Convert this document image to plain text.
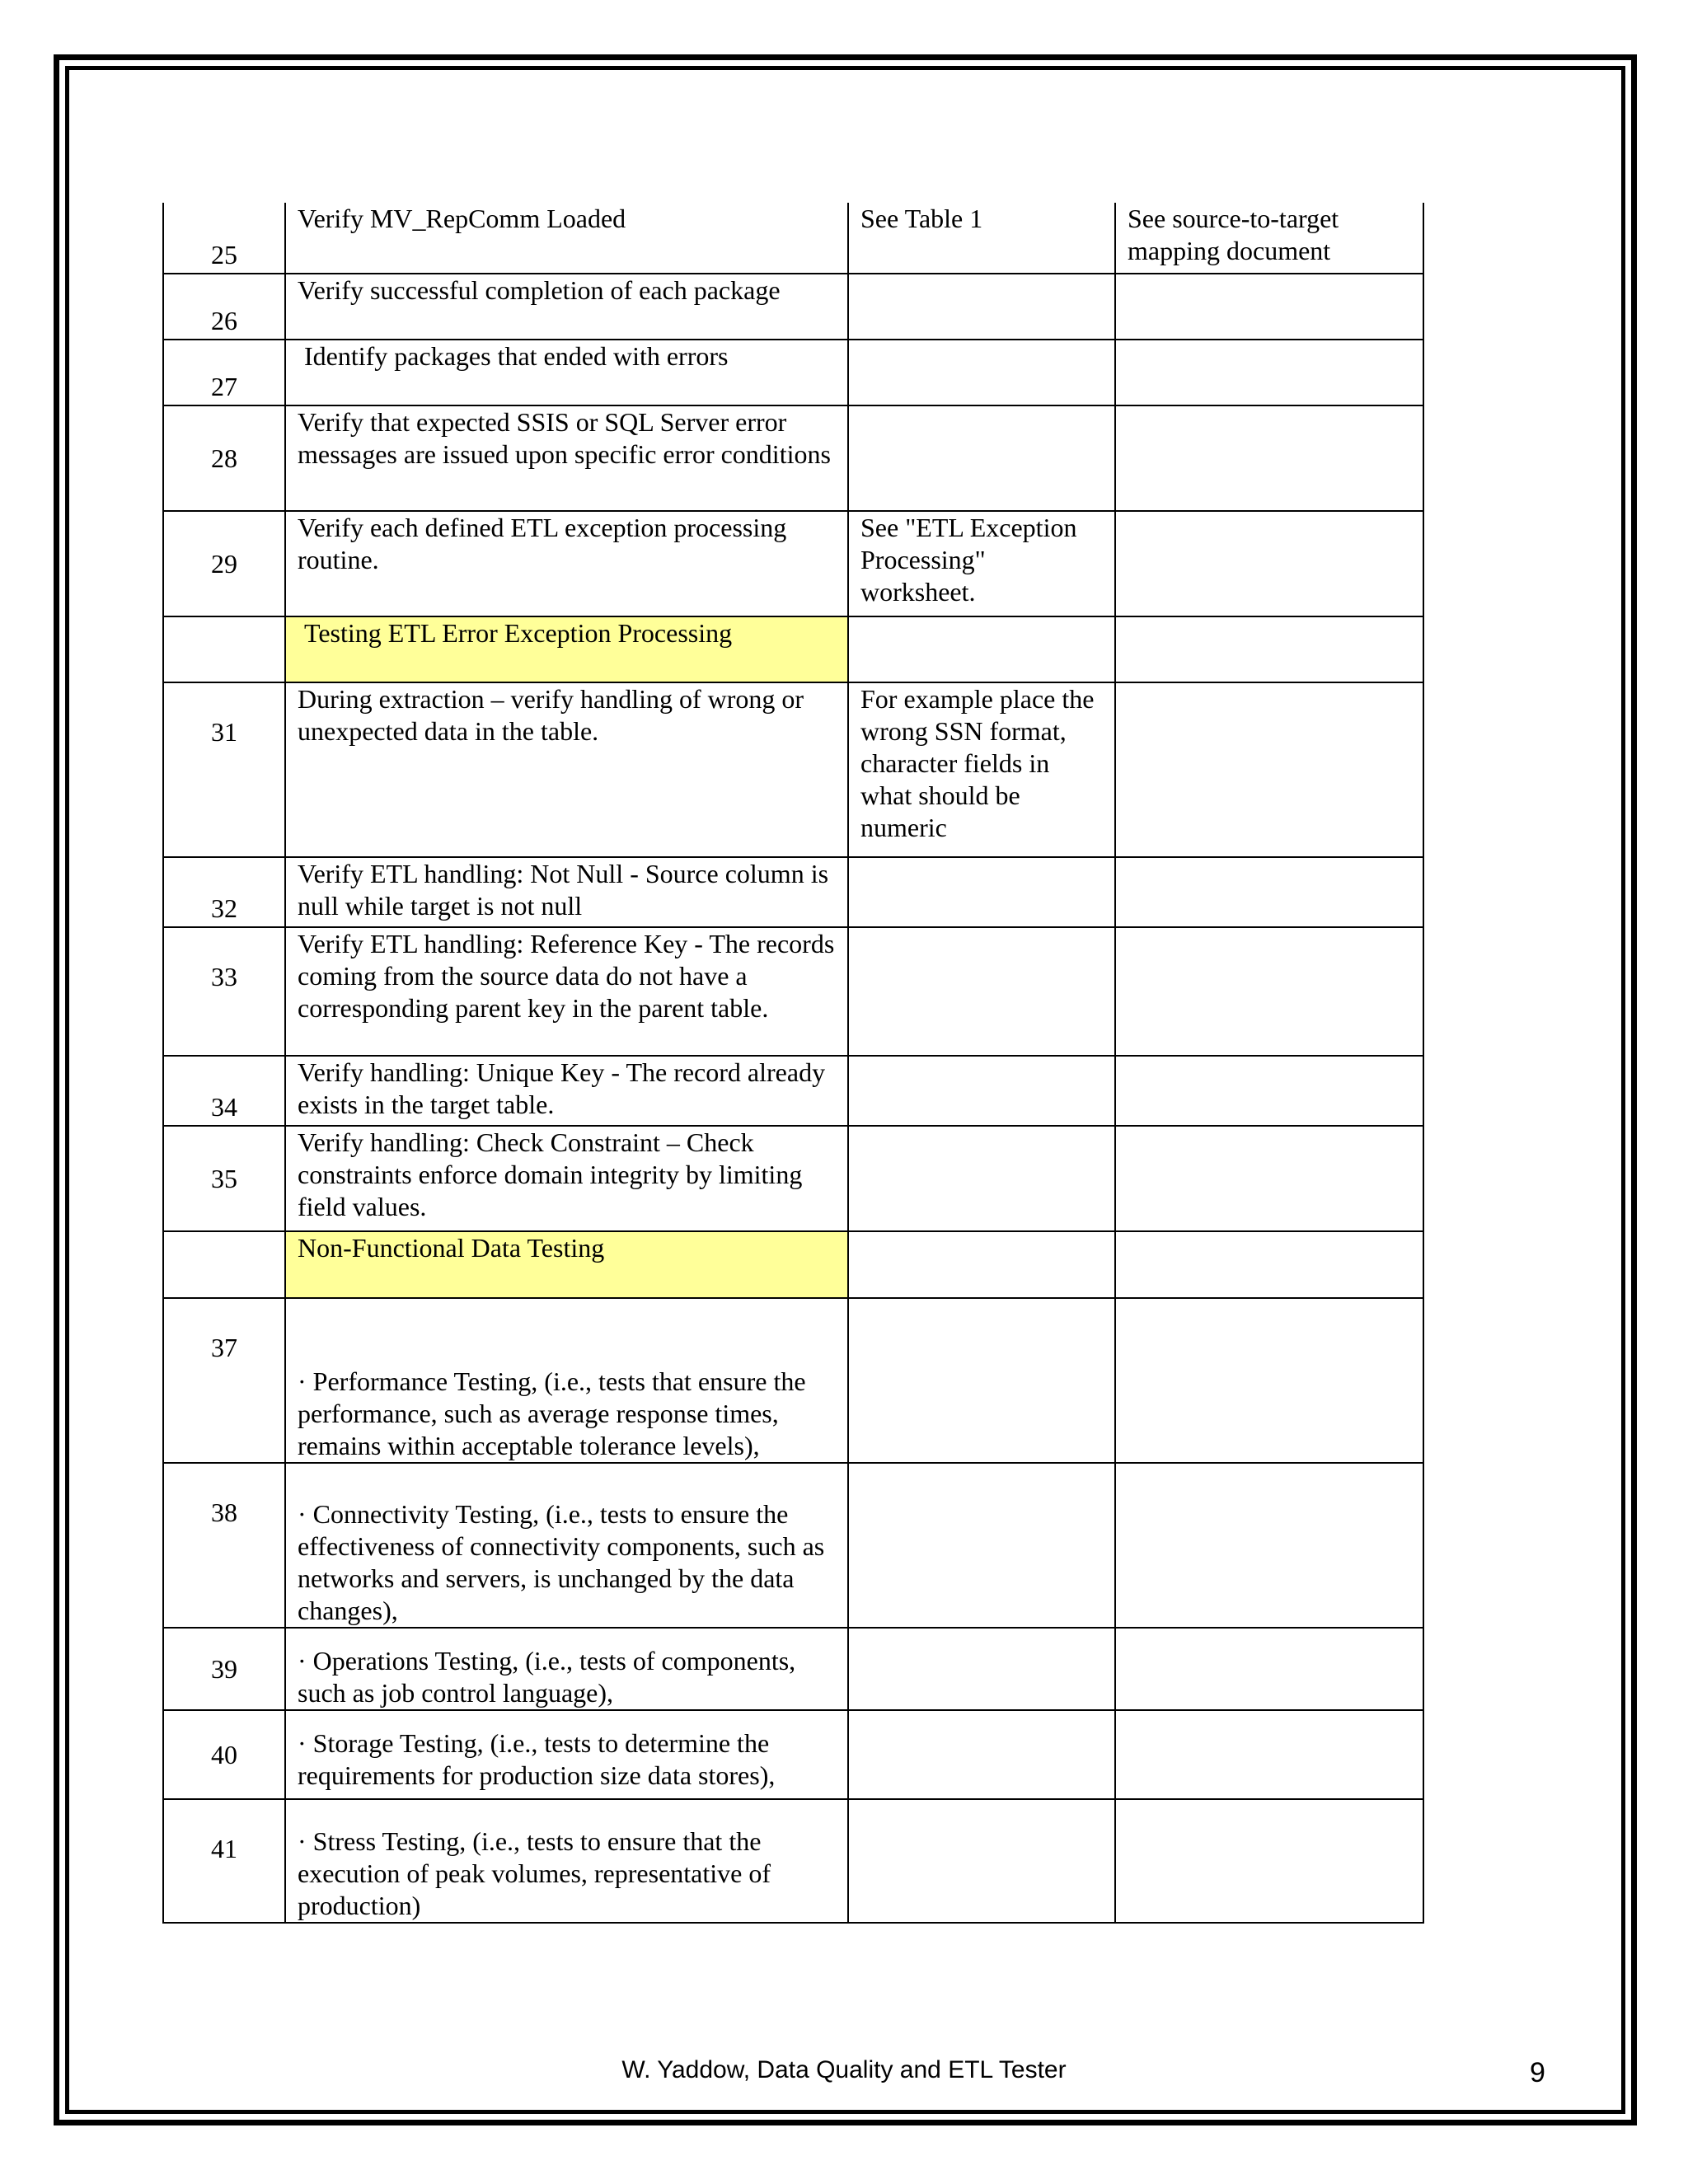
25	Verify MV_RepComm Loaded	See Table 1	See source-to-target mapping document
26	Verify successful completion of each package		
27	Identify packages that ended with errors		
28	Verify that expected SSIS or SQL Server error messages are issued upon specific error conditions		
29	Verify each defined ETL exception processing routine.	See "ETL Exception Processing" worksheet.	
	Testing ETL Error Exception Processing		
31	During extraction – verify handling of wrong or unexpected data in the table.	For example place the wrong SSN format, character fields in what should be numeric	
32	Verify ETL handling: Not Null - Source column is null while target is not null		
33	Verify ETL handling: Reference Key - The records coming from the source data do not have a corresponding parent key in the parent table.		
34	Verify handling: Unique Key - The record already exists in the target table.		
35	Verify handling: Check Constraint – Check constraints enforce domain integrity by limiting field values.		
	Non-Functional Data Testing		
37	· Performance Testing, (i.e., tests that ensure the performance, such as average response times, remains within acceptable tolerance levels),		
38	· Connectivity Testing, (i.e., tests to ensure the effectiveness of connectivity components, such as networks and servers, is unchanged by the data changes),		
39	· Operations Testing, (i.e., tests of components, such as job control language),		
40	· Storage Testing, (i.e., tests to determine the requirements for production size data stores),		
41	· Stress Testing, (i.e., tests to ensure that the execution of peak volumes, representative of production)		
W. Yaddow, Data Quality and ETL Tester	9
